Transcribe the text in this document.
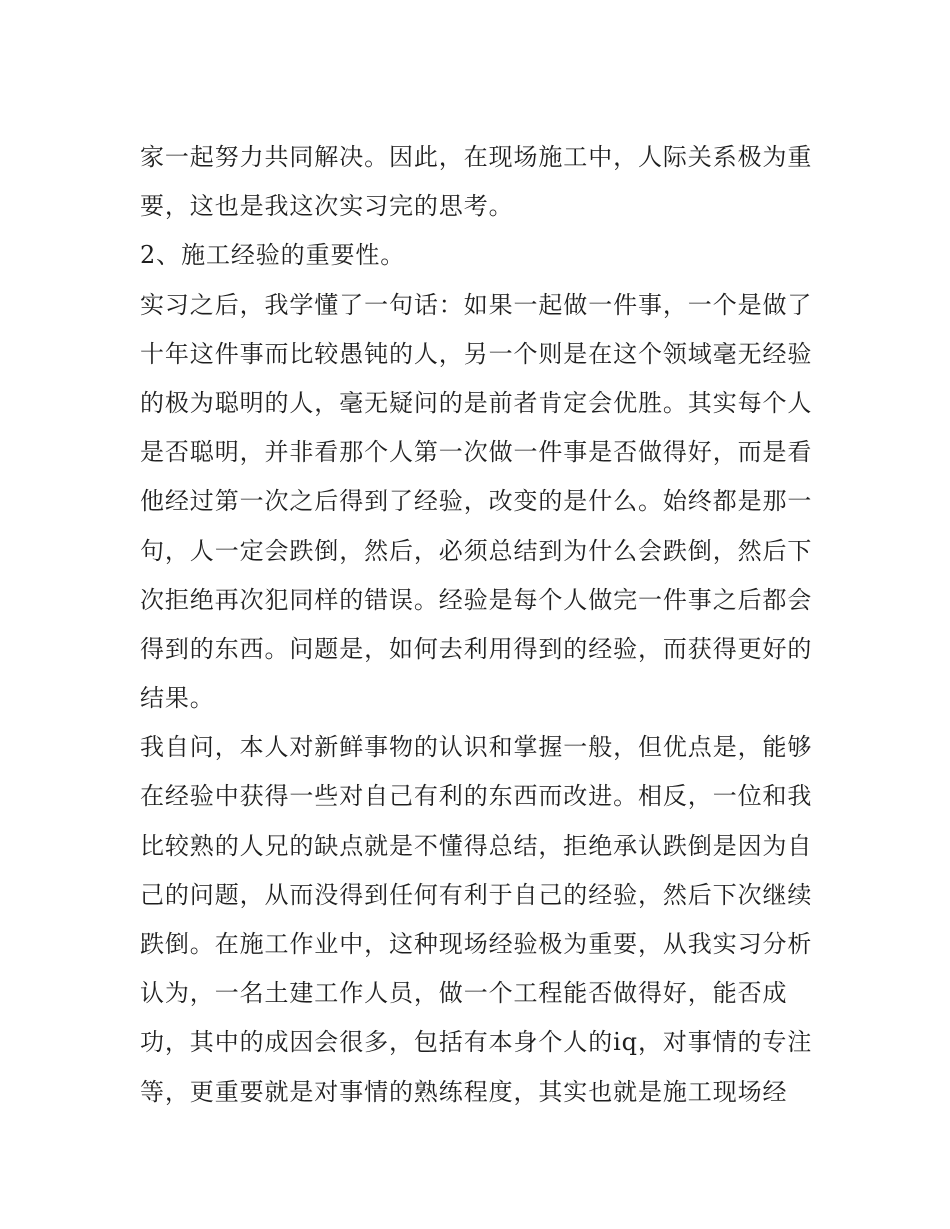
家一起努力共同解决。因此，在现场施工中，人际关系极为重
要，这也是我这次实习完的思考。
2、施工经验的重要性。
实习之后，我学懂了一句话：如果一起做一件事，一个是做了
十年这件事而比较愚钝的人，另一个则是在这个领域毫无经验
的极为聪明的人，毫无疑问的是前者肯定会优胜。其实每个人
是否聪明，并非看那个人第一次做一件事是否做得好，而是看
他经过第一次之后得到了经验，改变的是什么。始终都是那一
句，人一定会跌倒，然后，必须总结到为什么会跌倒，然后下
次拒绝再次犯同样的错误。经验是每个人做完一件事之后都会
得到的东西。问题是，如何去利用得到的经验，而获得更好的
结果。
我自问，本人对新鲜事物的认识和掌握一般，但优点是，能够
在经验中获得一些对自己有利的东西而改进。相反，一位和我
比较熟的人兄的缺点就是不懂得总结，拒绝承认跌倒是因为自
己的问题，从而没得到任何有利于自己的经验，然后下次继续
跌倒。在施工作业中，这种现场经验极为重要，从我实习分析
认为，一名土建工作人员，做一个工程能否做得好，能否成
功，其中的成因会很多，包括有本身个人的iq，对事情的专注
等，更重要就是对事情的熟练程度，其实也就是施工现场经
